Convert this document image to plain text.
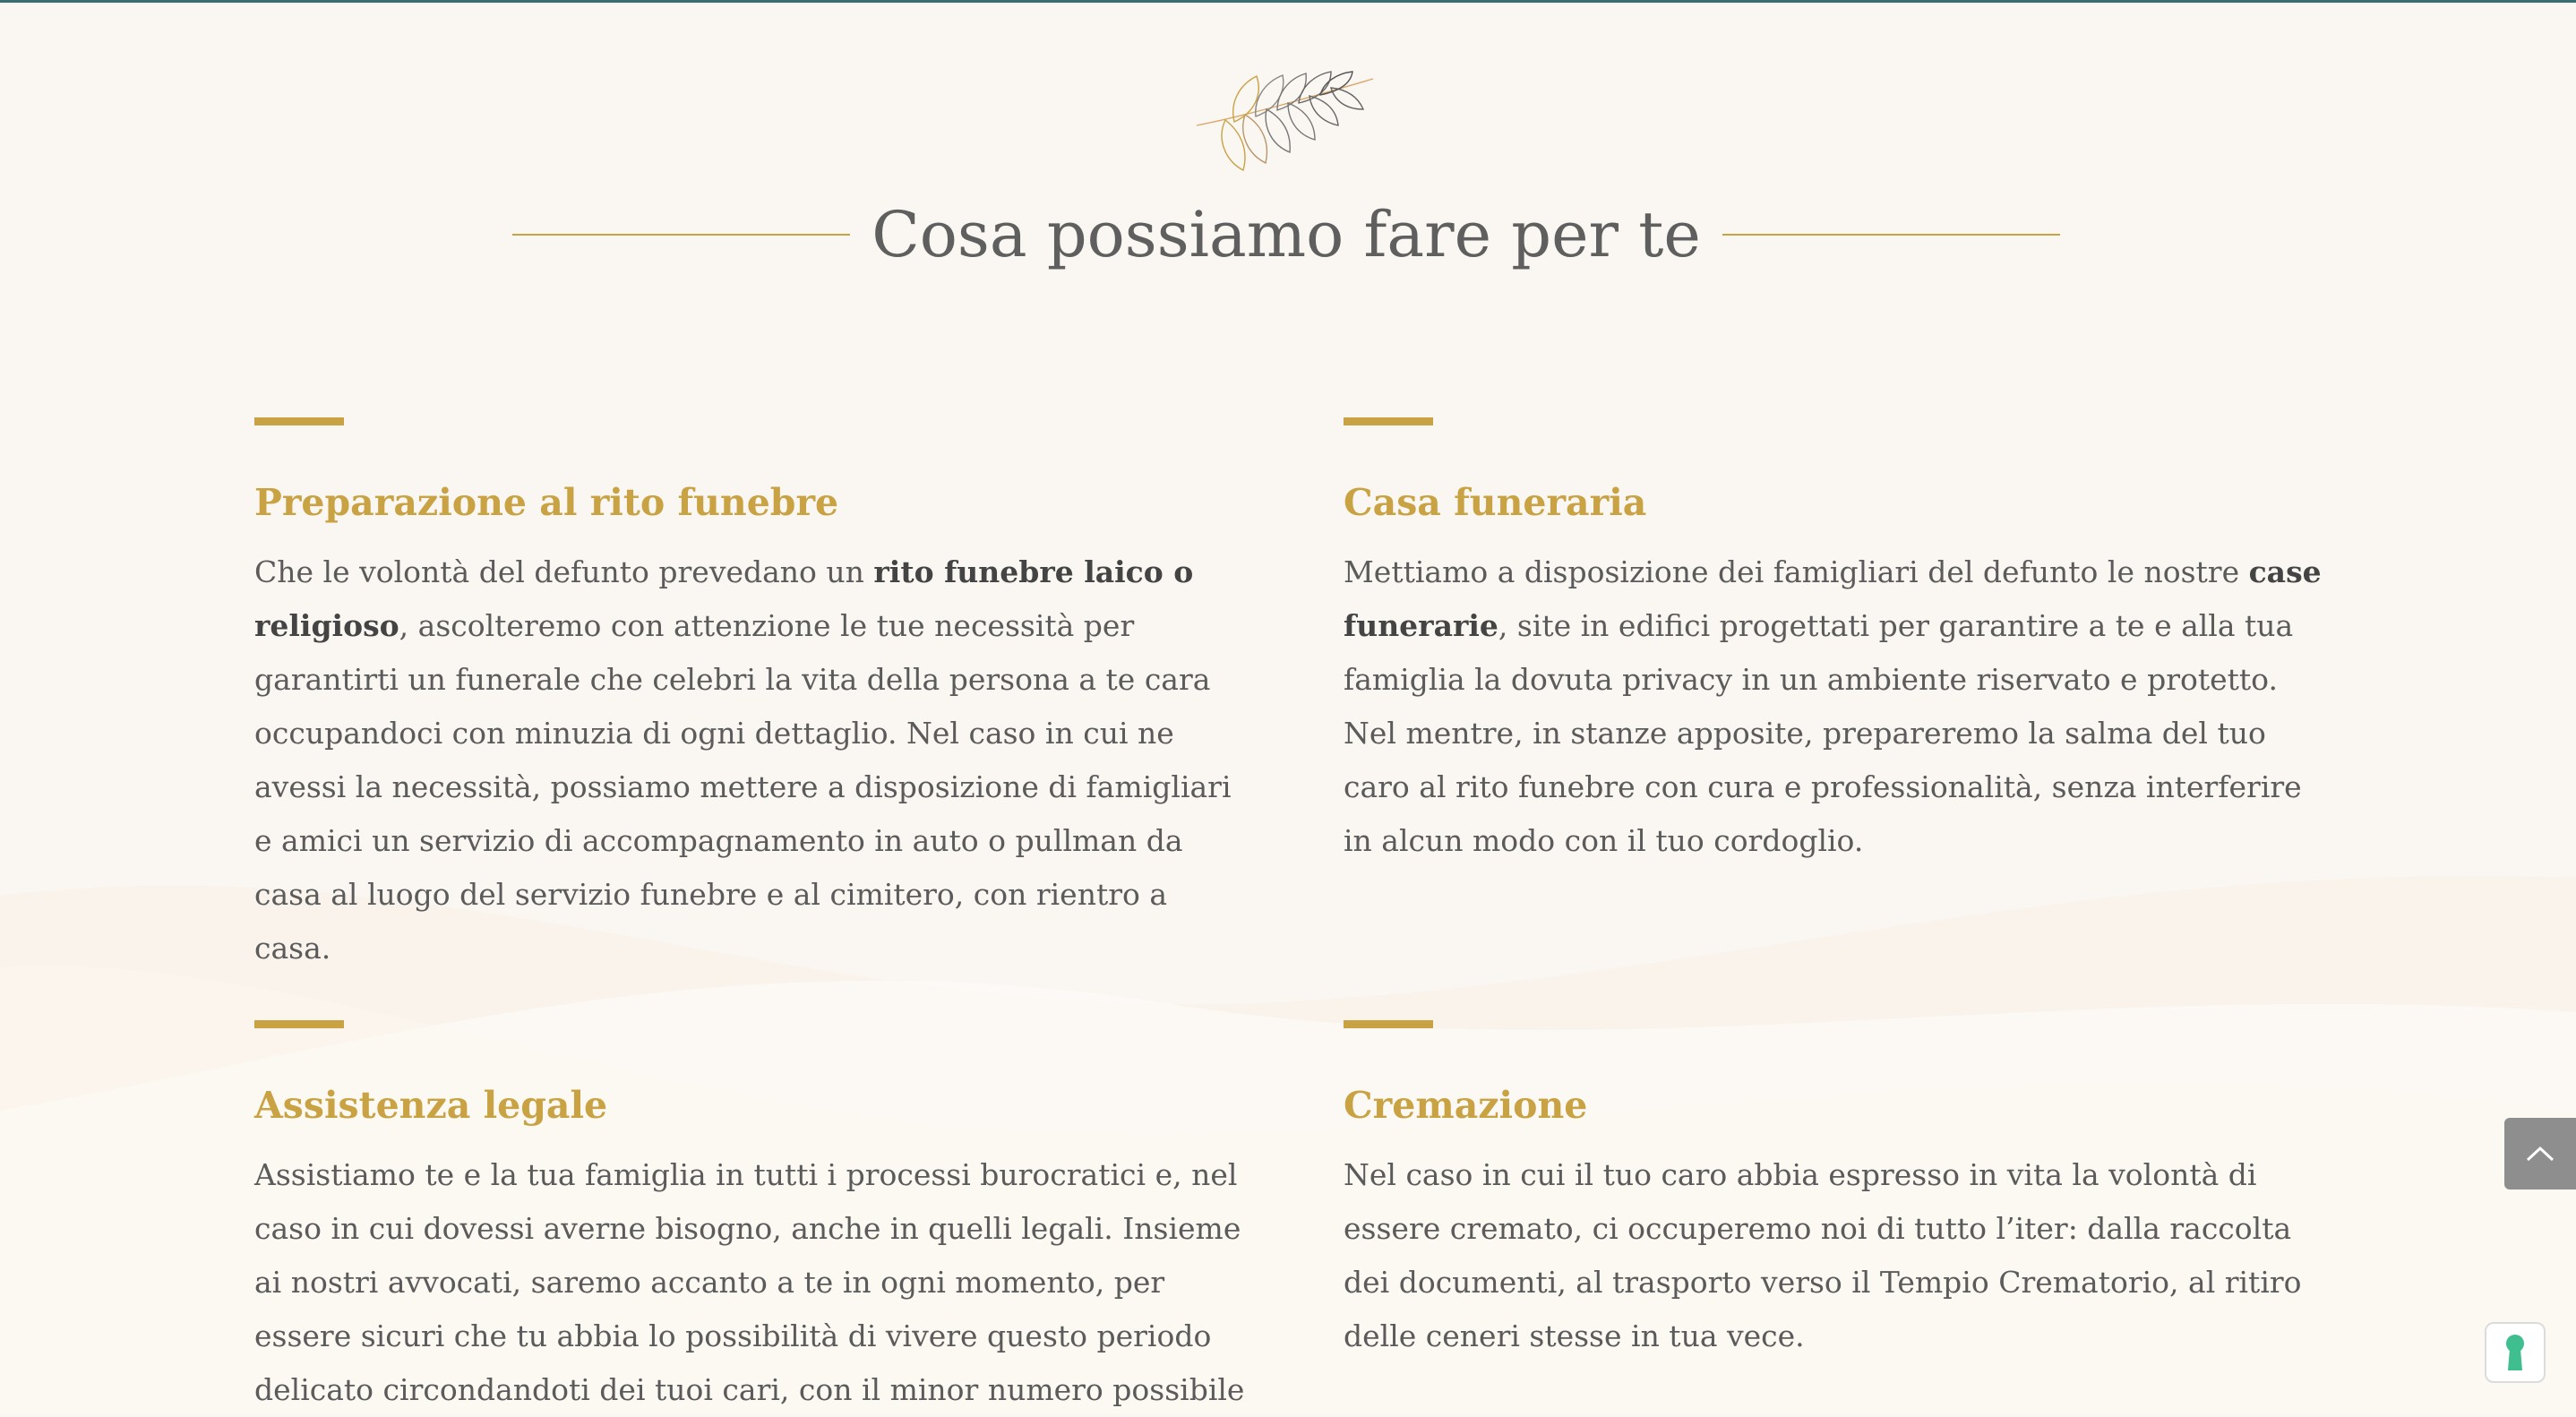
Cosa possiamo fare per te
Preparazione al rito funebre

Che le volontà del defunto prevedano un rito funebre laico o religioso, ascolteremo con attenzione le tue necessità per garantirti un funerale che celebri la vita della persona a te cara occupandoci con minuzia di ogni dettaglio. Nel caso in cui ne avessi la necessità, possiamo mettere a disposizione di famigliari e amici un servizio di accompagnamento in auto o pullman da casa al luogo del servizio funebre e al cimitero, con rientro a casa.

Casa funeraria

Mettiamo a disposizione dei famigliari del defunto le nostre case funerarie, site in edifici progettati per garantire a te e alla tua famiglia la dovuta privacy in un ambiente riservato e protetto. Nel mentre, in stanze apposite, prepareremo la salma del tuo caro al rito funebre con cura e professionalità, senza interferire in alcun modo con il tuo cordoglio.

Assistenza legale

Assistiamo te e la tua famiglia in tutti i processi burocratici e, nel caso in cui dovessi averne bisogno, anche in quelli legali. Insieme ai nostri avvocati, saremo accanto a te in ogni momento, per essere sicuri che tu abbia lo possibilità di vivere questo periodo delicato circondandoti dei tuoi cari, con il minor numero possibile

Cremazione

Nel caso in cui il tuo caro abbia espresso in vita la volontà di essere cremato, ci occuperemo noi di tutto l’iter: dalla raccolta dei documenti, al trasporto verso il Tempio Crematorio, al ritiro delle ceneri stesse in tua vece.
